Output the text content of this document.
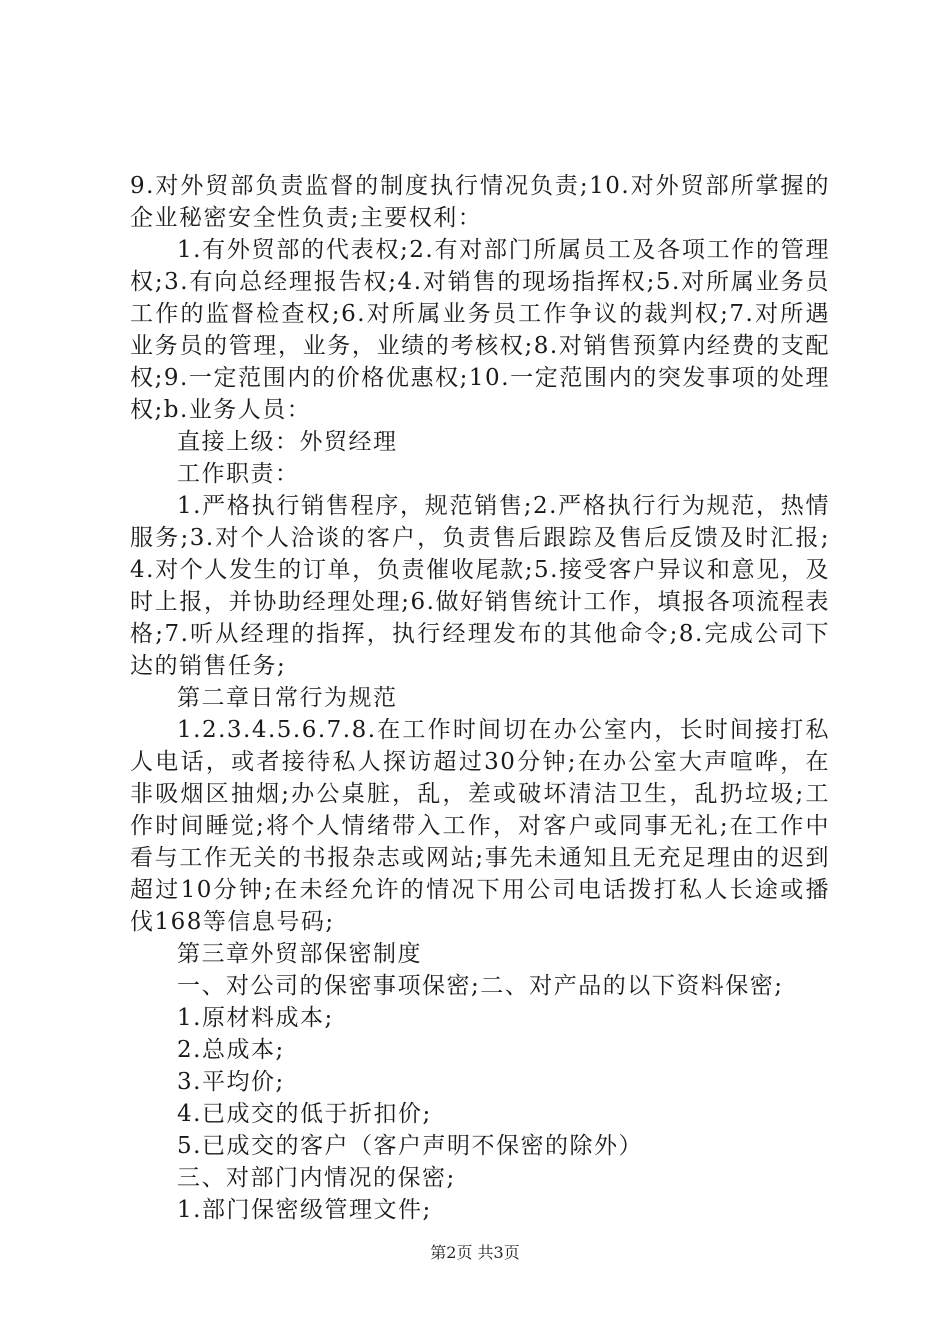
9.对外贸部负责监督的制度执行情况负责;10.对外贸部所掌握的企业秘密安全性负责;主要权利：

1.有外贸部的代表权;2.有对部门所属员工及各项工作的管理权;3.有向总经理报告权;4.对销售的现场指挥权;5.对所属业务员工作的监督检查权;6.对所属业务员工作争议的裁判权;7.对所遇业务员的管理，业务，业绩的考核权;8.对销售预算内经费的支配权;9.一定范围内的价格优惠权;10.一定范围内的突发事项的处理权;b.业务人员：

直接上级：外贸经理

工作职责：

1.严格执行销售程序，规范销售;2.严格执行行为规范，热情服务;3.对个人洽谈的客户，负责售后跟踪及售后反馈及时汇报;4.对个人发生的订单，负责催收尾款;5.接受客户异议和意见，及时上报，并协助经理处理;6.做好销售统计工作，填报各项流程表格;7.听从经理的指挥，执行经理发布的其他命令;8.完成公司下达的销售任务;

第二章日常行为规范

1.2.3.4.5.6.7.8.在工作时间切在办公室内，长时间接打私人电话，或者接待私人探访超过30分钟;在办公室大声喧哗，在非吸烟区抽烟;办公桌脏，乱，差或破坏清洁卫生，乱扔垃圾;工作时间睡觉;将个人情绪带入工作，对客户或同事无礼;在工作中看与工作无关的书报杂志或网站;事先未通知且无充足理由的迟到超过10分钟;在未经允许的情况下用公司电话拨打私人长途或播伐168等信息号码;

第三章外贸部保密制度

一、对公司的保密事项保密;二、对产品的以下资料保密;

1.原材料成本;

2.总成本;

3.平均价;

4.已成交的低于折扣价;

5.已成交的客户（客户声明不保密的除外）

三、对部门内情况的保密;

1.部门保密级管理文件;

第2页 共3页
